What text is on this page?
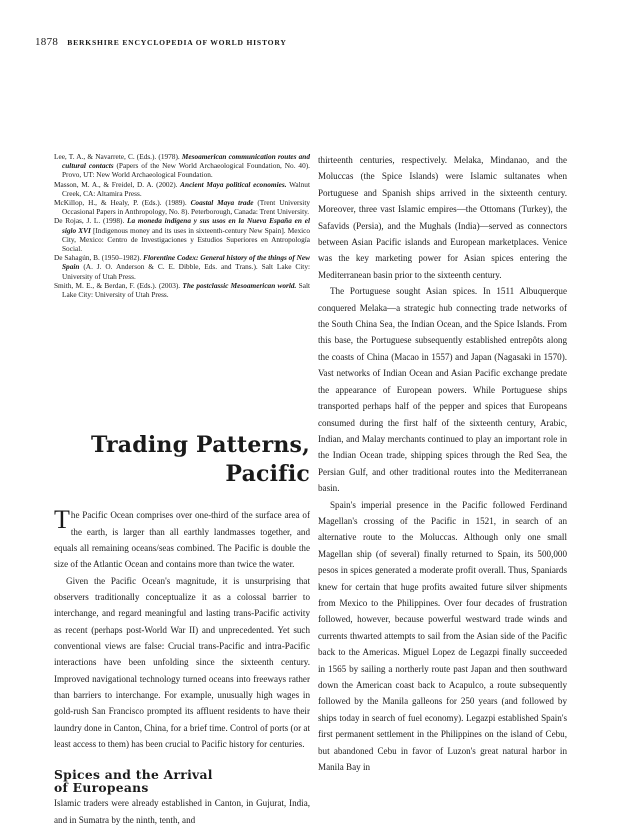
1878 BERKSHIRE ENCYCLOPEDIA OF WORLD HISTORY
Lee, T. A., & Navarrete, C. (Eds.). (1978). Mesoamerican communication routes and cultural contacts (Papers of the New World Archaeological Foundation, No. 40). Provo, UT: New World Archaeological Foundation.
Masson, M. A., & Freidel, D. A. (2002). Ancient Maya political economies. Walnut Creek, CA: Altamira Press.
McKillop, H., & Healy, P. (Eds.). (1989). Coastal Maya trade (Trent University Occasional Papers in Anthropology, No. 8). Peterborough, Canada: Trent University.
De Rojas, J. L. (1998). La moneda indígena y sus usos en la Nueva España en el siglo XVI [Indigenous money and its uses in sixteenth-century New Spain]. Mexico City, Mexico: Centro de Investigaciones y Estudios Superiores en Antropología Social.
De Sahagún, B. (1950–1982). Florentine Codex: General history of the things of New Spain (A. J. O. Anderson & C. E. Dibble, Eds. and Trans.). Salt Lake City: University of Utah Press.
Smith, M. E., & Berdan, F. (Eds.). (2003). The postclassic Mesoamerican world. Salt Lake City: University of Utah Press.
Trading Patterns,
Pacific

The Pacific Ocean comprises over one-third of the surface area of the earth, is larger than all earthly landmasses together, and equals all remaining oceans/seas combined. The Pacific is double the size of the Atlantic Ocean and contains more than twice the water.

Given the Pacific Ocean's magnitude, it is unsurprising that observers traditionally conceptualize it as a colossal barrier to interchange, and regard meaningful and lasting trans-Pacific activity as recent (perhaps post-World War II) and unprecedented. Yet such conventional views are false: Crucial trans-Pacific and intra-Pacific interactions have been unfolding since the sixteenth century. Improved navigational technology turned oceans into freeways rather than barriers to interchange. For example, unusually high wages in gold-rush San Francisco prompted its affluent residents to have their laundry done in Canton, China, for a brief time. Control of ports (or at least access to them) has been crucial to Pacific history for centuries.

Spices and the Arrival
of Europeans

Islamic traders were already established in Canton, in Gujurat, India, and in Sumatra by the ninth, tenth, and

thirteenth centuries, respectively. Melaka, Mindanao, and the Moluccas (the Spice Islands) were Islamic sultanates when Portuguese and Spanish ships arrived in the sixteenth century. Moreover, three vast Islamic empires—the Ottomans (Turkey), the Safavids (Persia), and the Mughals (India)—served as connectors between Asian Pacific islands and European marketplaces. Venice was the key marketing power for Asian spices entering the Mediterranean basin prior to the sixteenth century.

The Portuguese sought Asian spices. In 1511 Albuquerque conquered Melaka—a strategic hub connecting trade networks of the South China Sea, the Indian Ocean, and the Spice Islands. From this base, the Portuguese subsequently established entrepôts along the coasts of China (Macao in 1557) and Japan (Nagasaki in 1570). Vast networks of Indian Ocean and Asian Pacific exchange predate the appearance of European powers. While Portuguese ships transported perhaps half of the pepper and spices that Europeans consumed during the first half of the sixteenth century, Arabic, Indian, and Malay merchants continued to play an important role in the Indian Ocean trade, shipping spices through the Red Sea, the Persian Gulf, and other traditional routes into the Mediterranean basin.

Spain's imperial presence in the Pacific followed Ferdinand Magellan's crossing of the Pacific in 1521, in search of an alternative route to the Moluccas. Although only one small Magellan ship (of several) finally returned to Spain, its 500,000 pesos in spices generated a moderate profit overall. Thus, Spaniards knew for certain that huge profits awaited future silver shipments from Mexico to the Philippines. Over four decades of frustration followed, however, because powerful westward trade winds and currents thwarted attempts to sail from the Asian side of the Pacific back to the Americas. Miguel Lopez de Legazpi finally succeeded in 1565 by sailing a northerly route past Japan and then southward down the American coast back to Acapulco, a route subsequently followed by the Manila galleons for 250 years (and followed by ships today in search of fuel economy). Legazpi established Spain's first permanent settlement in the Philippines on the island of Cebu, but abandoned Cebu in favor of Luzon's great natural harbor in Manila Bay in
